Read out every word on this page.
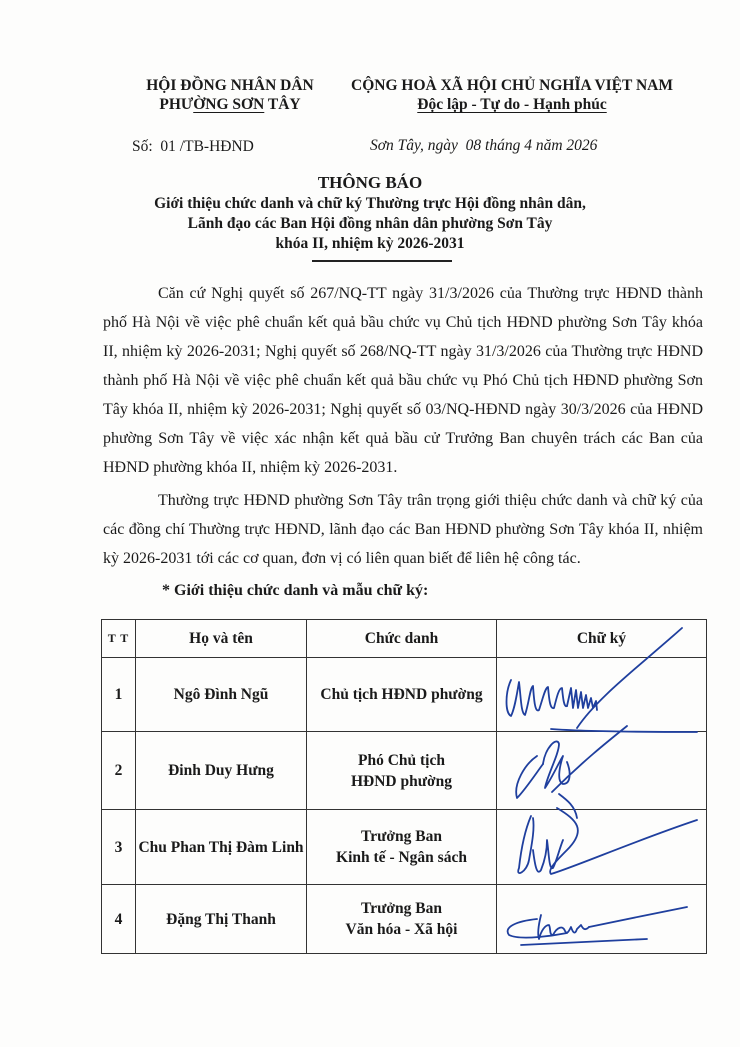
HỘI ĐỒNG NHÂN DÂN
PHƯỜNG SƠN TÂY
Số:  01 /TB-HĐND
CỘNG HOÀ XÃ HỘI CHỦ NGHĨA VIỆT NAM
Độc lập - Tự do - Hạnh phúc
Sơn Tây, ngày  08 tháng 4 năm 2026
THÔNG BÁO
Giới thiệu chức danh và chữ ký Thường trực Hội đồng nhân dân,
Lãnh đạo các Ban Hội đồng nhân dân phường Sơn Tây
khóa II, nhiệm kỳ 2026-2031
Căn cứ Nghị quyết số 267/NQ-TT ngày 31/3/2026 của Thường trực HĐND thành phố Hà Nội về việc phê chuẩn kết quả bầu chức vụ Chủ tịch HĐND phường Sơn Tây khóa II, nhiệm kỳ 2026-2031; Nghị quyết số 268/NQ-TT ngày 31/3/2026 của Thường trực HĐND thành phố Hà Nội về việc phê chuẩn kết quả bầu chức vụ Phó Chủ tịch HĐND phường Sơn Tây khóa II, nhiệm kỳ 2026-2031; Nghị quyết số 03/NQ-HĐND ngày 30/3/2026 của HĐND phường Sơn Tây về việc xác nhận kết quả bầu cử Trưởng Ban chuyên trách các Ban của HĐND phường khóa II, nhiệm kỳ 2026-2031.
Thường trực HĐND phường Sơn Tây trân trọng giới thiệu chức danh và chữ ký của các đồng chí Thường trực HĐND, lãnh đạo các Ban HĐND phường Sơn Tây khóa II, nhiệm kỳ 2026-2031 tới các cơ quan, đơn vị có liên quan biết để liên hệ công tác.
* Giới thiệu chức danh và mẫu chữ ký:
T T	Họ và tên	Chức danh	Chữ ký
1	Ngô Đình Ngũ	Chủ tịch HĐND phường

2	Đinh Duy Hưng	Phó Chủ tịch
HĐND phường

3	Chu Phan Thị Đàm Linh	Trưởng Ban
Kinh tế - Ngân sách

4	Đặng Thị Thanh	Trưởng Ban
Văn hóa - Xã hội
